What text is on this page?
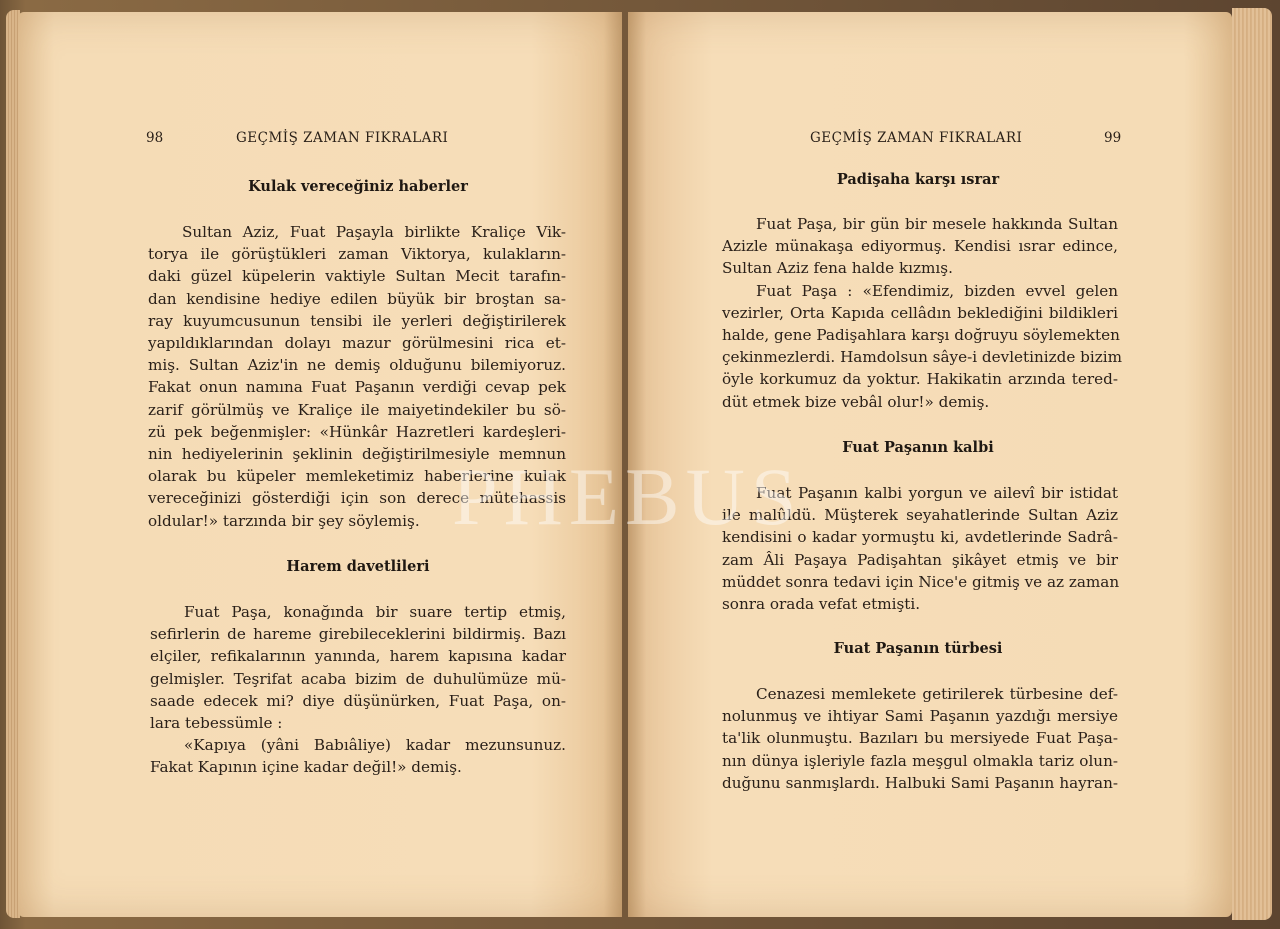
98	GEÇMİŞ ZAMAN FIKRALARI
Kulak vereceğiniz haberler
Sultan Aziz, Fuat Paşayla birlikte Kraliçe Vik-
torya ile görüştükleri zaman Viktorya, kulakların-
daki güzel küpelerin vaktiyle Sultan Mecit tarafın-
dan kendisine hediye edilen büyük bir broştan sa-
ray kuyumcusunun tensibi ile yerleri değiştirilerek
yapıldıklarından dolayı mazur görülmesini rica et-
miş. Sultan Aziz'in ne demiş olduğunu bilemiyoruz.
Fakat onun namına Fuat Paşanın verdiği cevap pek
zarif görülmüş ve Kraliçe ile maiyetindekiler bu sö-
zü pek beğenmişler: «Hünkâr Hazretleri kardeşleri-
nin hediyelerinin şeklinin değiştirilmesiyle memnun
olarak bu küpeler memleketimiz haberlerine kulak
vereceğinizi gösterdiği için son derece mütehassis
oldular!» tarzında bir şey söylemiş.
Harem davetlileri
Fuat Paşa, konağında bir suare tertip etmiş,
sefirlerin de hareme girebileceklerini bildirmiş. Bazı
elçiler, refikalarının yanında, harem kapısına kadar
gelmişler. Teşrifat acaba bizim de duhulümüze mü-
saade edecek mi? diye düşünürken, Fuat Paşa, on-
lara tebessümle :
«Kapıya (yâni Babıâliye) kadar mezunsunuz.
Fakat Kapının içine kadar değil!» demiş.
GEÇMİŞ ZAMAN FIKRALARI	99
Padişaha karşı ısrar
Fuat Paşa, bir gün bir mesele hakkında Sultan
Azizle münakaşa ediyormuş. Kendisi ısrar edince,
Sultan Aziz fena halde kızmış.
Fuat Paşa : «Efendimiz, bizden evvel gelen
vezirler, Orta Kapıda cellâdın beklediğini bildikleri
halde, gene Padişahlara karşı doğruyu söylemekten
çekinmezlerdi. Hamdolsun sâye-i devletinizde bizim
öyle korkumuz da yoktur. Hakikatin arzında tered-
düt etmek bize vebâl olur!» demiş.
Fuat Paşanın kalbi
Fuat Paşanın kalbi yorgun ve ailevî bir istidat
ile malûldü. Müşterek seyahatlerinde Sultan Aziz
kendisini o kadar yormuştu ki, avdetlerinde Sadrâ-
zam Âli Paşaya Padişahtan şikâyet etmiş ve bir
müddet sonra tedavi için Nice'e gitmiş ve az zaman
sonra orada vefat etmişti.
Fuat Paşanın türbesi
Cenazesi memlekete getirilerek türbesine def-
nolunmuş ve ihtiyar Sami Paşanın yazdığı mersiye
ta'lik olunmuştu. Bazıları bu mersiyede Fuat Paşa-
nın dünya işleriyle fazla meşgul olmakla tariz olun-
duğunu sanmışlardı. Halbuki Sami Paşanın hayran-
PHEBUS
